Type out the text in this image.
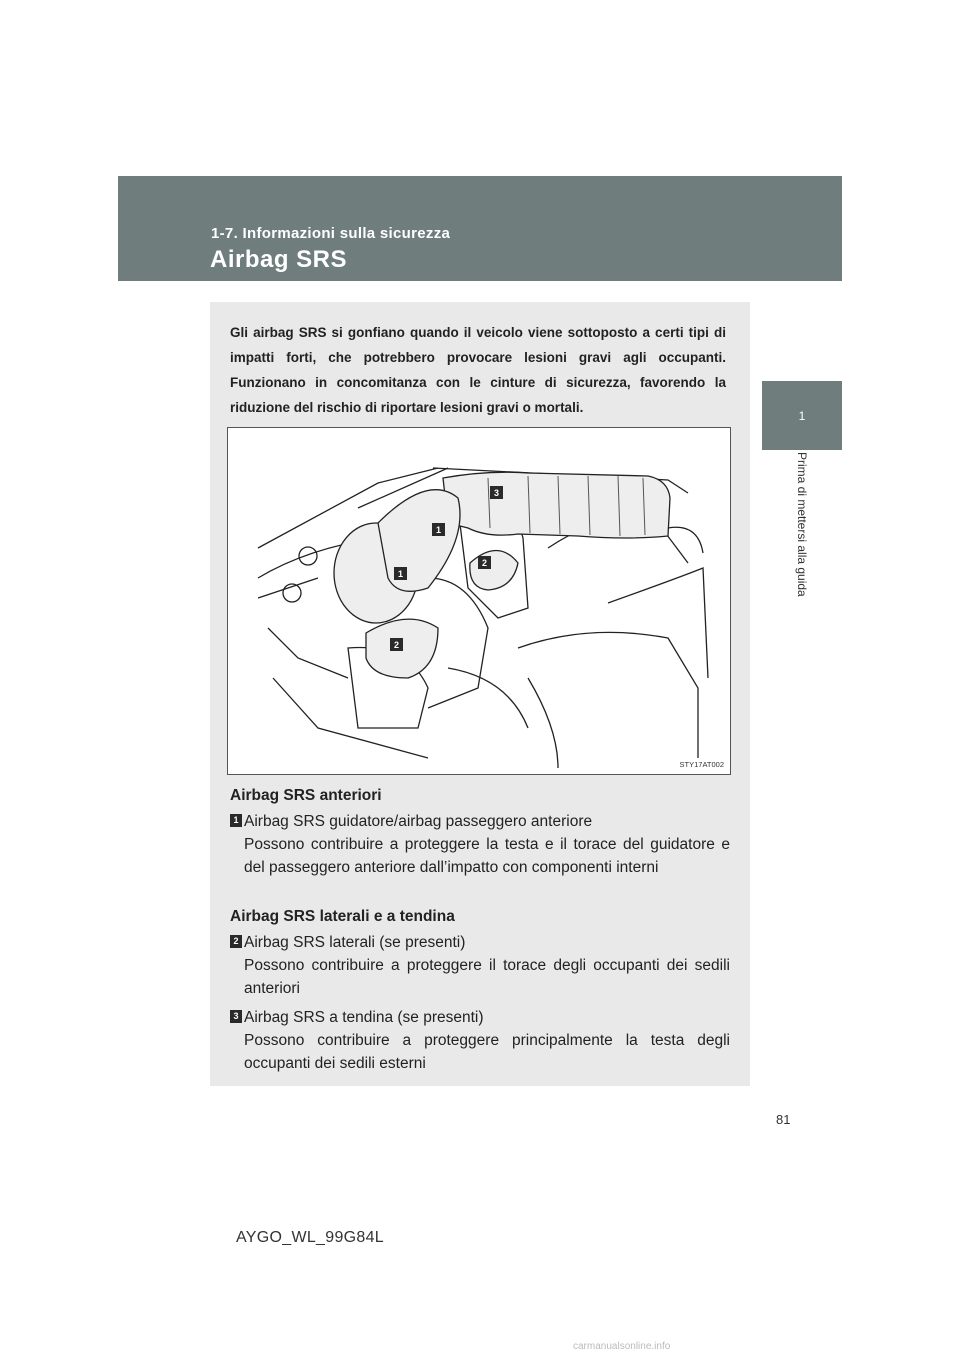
1-7. Informazioni sulla sicurezza
Airbag SRS
1
Prima di mettersi alla guida
Gli airbag SRS si gonfiano quando il veicolo viene sottoposto a certi tipi di impatti forti, che potrebbero provocare lesioni gravi agli occupanti. Funzionano in concomitanza con le cinture di sicurezza, favorendo la riduzione del rischio di riportare lesioni gravi o mortali.
1
1
2
2
3
STY17AT002
Airbag SRS anteriori
1 Airbag SRS guidatore/airbag passeggero anteriore
Possono contribuire a proteggere la testa e il torace del guidatore e del passeggero anteriore dall’impatto con componenti interni
Airbag SRS laterali e a tendina
2 Airbag SRS laterali (se presenti)
Possono contribuire a proteggere il torace degli occupanti dei sedili anteriori
3 Airbag SRS a tendina (se presenti)
Possono contribuire a proteggere principalmente la testa degli occupanti dei sedili esterni
81
AYGO_WL_99G84L
carmanualsonline.info
